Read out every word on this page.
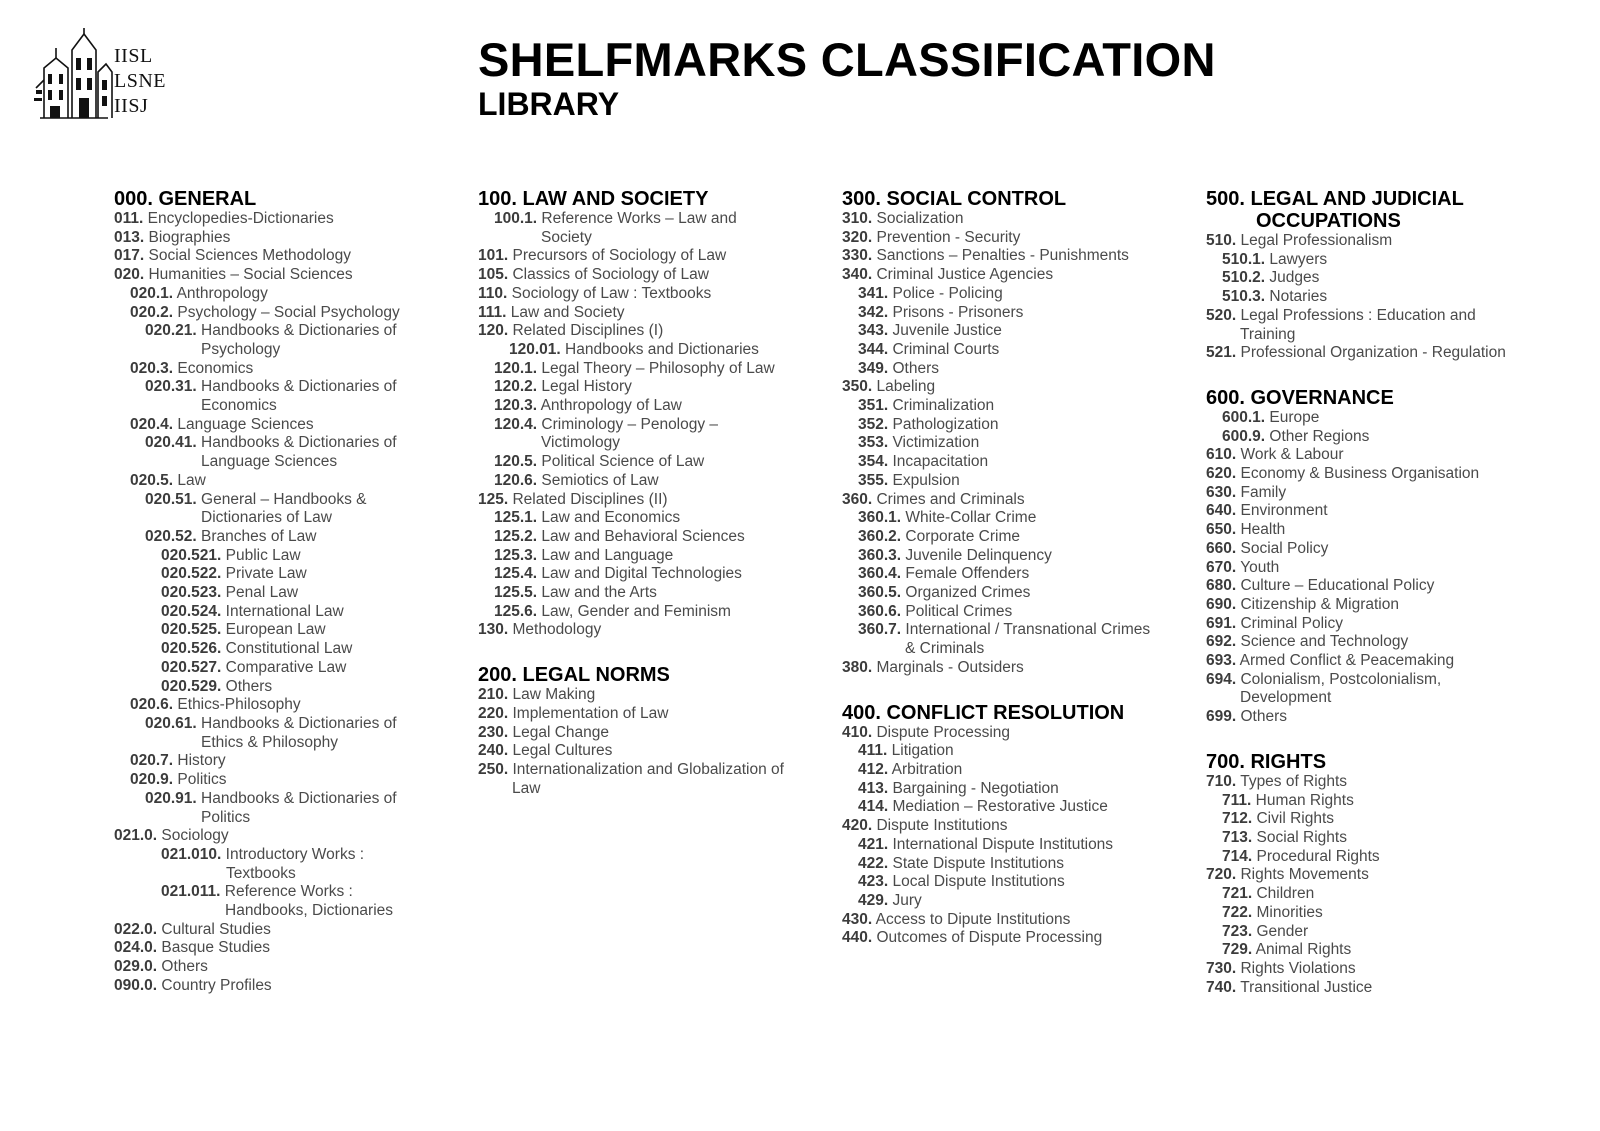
IISL
LSNE
IISJ
SHELFMARKS CLASSIFICATION
LIBRARY
000. GENERAL
011. Encyclopedies-Dictionaries
013. Biographies
017. Social Sciences Methodology
020. Humanities – Social Sciences
020.1. Anthropology
020.2. Psychology – Social Psychology
020.21. Handbooks & Dictionaries of
Psychology
020.3. Economics
020.31. Handbooks & Dictionaries of
Economics
020.4. Language Sciences
020.41. Handbooks & Dictionaries of
Language Sciences
020.5. Law
020.51. General – Handbooks &
Dictionaries of Law
020.52. Branches of Law
020.521. Public Law
020.522. Private Law
020.523. Penal Law
020.524. International Law
020.525. European Law
020.526. Constitutional Law
020.527. Comparative Law
020.529. Others
020.6. Ethics-Philosophy
020.61. Handbooks & Dictionaries of
Ethics & Philosophy
020.7. History
020.9. Politics
020.91. Handbooks & Dictionaries of
Politics
021.0. Sociology
021.010. Introductory Works :
Textbooks
021.011. Reference Works :
Handbooks, Dictionaries
022.0. Cultural Studies
024.0. Basque Studies
029.0. Others
090.0. Country Profiles
100. LAW AND SOCIETY
100.1. Reference Works – Law and
Society
101. Precursors of Sociology of Law
105. Classics of Sociology of Law
110. Sociology of Law : Textbooks
111. Law and Society
120. Related Disciplines (I)
120.01. Handbooks and Dictionaries
120.1. Legal Theory – Philosophy of Law
120.2. Legal History
120.3. Anthropology of Law
120.4. Criminology – Penology –
Victimology
120.5. Political Science of Law
120.6. Semiotics of Law
125. Related Disciplines (II)
125.1. Law and Economics
125.2. Law and Behavioral Sciences
125.3. Law and Language
125.4. Law and Digital Technologies
125.5. Law and the Arts
125.6. Law, Gender and Feminism
130. Methodology
200. LEGAL NORMS
210. Law Making
220. Implementation of Law
230. Legal Change
240. Legal Cultures
250. Internationalization and Globalization of
Law
300. SOCIAL CONTROL
310. Socialization
320. Prevention - Security
330. Sanctions – Penalties - Punishments
340. Criminal Justice Agencies
341. Police - Policing
342. Prisons - Prisoners
343. Juvenile Justice
344. Criminal Courts
349. Others
350. Labeling
351. Criminalization
352. Pathologization
353. Victimization
354. Incapacitation
355. Expulsion
360. Crimes and Criminals
360.1. White-Collar Crime
360.2. Corporate Crime
360.3. Juvenile Delinquency
360.4. Female Offenders
360.5. Organized Crimes
360.6. Political Crimes
360.7. International / Transnational Crimes
& Criminals
380. Marginals - Outsiders
400. CONFLICT RESOLUTION
410. Dispute Processing
411. Litigation
412. Arbitration
413. Bargaining - Negotiation
414. Mediation – Restorative Justice
420. Dispute Institutions
421. International Dispute Institutions
422. State Dispute Institutions
423. Local Dispute Institutions
429. Jury
430. Access to Dipute Institutions
440. Outcomes of Dispute Processing
500. LEGAL AND JUDICIAL
OCCUPATIONS
510. Legal Professionalism
510.1. Lawyers
510.2. Judges
510.3. Notaries
520. Legal Professions : Education and
Training
521. Professional Organization - Regulation
600. GOVERNANCE
600.1. Europe
600.9. Other Regions
610. Work & Labour
620. Economy & Business Organisation
630. Family
640. Environment
650. Health
660. Social Policy
670. Youth
680. Culture – Educational Policy
690. Citizenship & Migration
691. Criminal Policy
692. Science and Technology
693. Armed Conflict & Peacemaking
694. Colonialism, Postcolonialism,
Development
699. Others
700. RIGHTS
710. Types of Rights
711. Human Rights
712. Civil Rights
713. Social Rights
714. Procedural Rights
720. Rights Movements
721. Children
722. Minorities
723. Gender
729. Animal Rights
730. Rights Violations
740. Transitional Justice
